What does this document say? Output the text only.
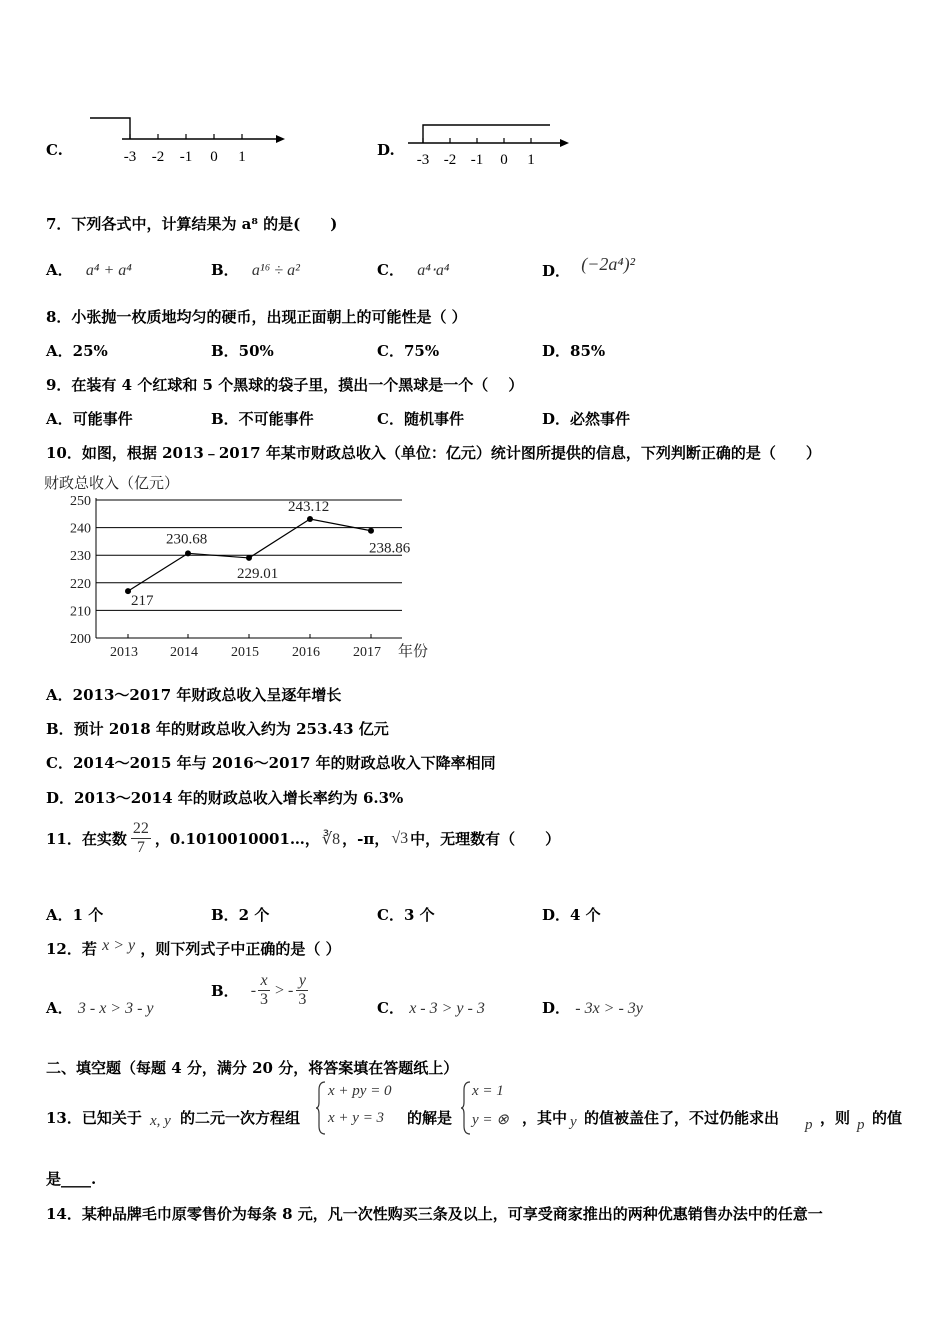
C.	-3 -2 -1 0 1	D.
-3 -2 -1 0 1
7．下列各式中，计算结果为 a⁸ 的是(　　)
A． a⁴ + a⁴	B． a¹⁶ ÷ a²	C． a⁴⋅a⁴	D． (−2a⁴)²
8．小张抛一枚质地均匀的硬币，出现正面朝上的可能性是（ ）
A．25%	B．50%	C．75%	D．85%
9．在装有 4 个红球和 5 个黑球的袋子里，摸出一个黑球是一个（　 ）
A．可能事件	B．不可能事件	C．随机事件	D．必然事件
10．如图，根据 2013﹣2017 年某市财政总收入（单位：亿元）统计图所提供的信息，下列判断正确的是（　　）
财政总收入（亿元）
年份
200
210
220
230
240
250
2013 2014 2015 2016 2017
217
230.68
229.01
243.12
238.86
A．2013～2017 年财政总收入呈逐年增长
B．预计 2018 年的财政总收入约为 253.43 亿元
C．2014～2015 年与 2016～2017 年的财政总收入下降率相同
D．2013～2014 年的财政总收入增长率约为 6.3%
11．在实数 $\frac{22}{7}$ ，0.1010010001…， ∛8 ，-π， √3 中，无理数有（　　）
A．1 个	B．2 个	C．3 个	D．4 个
12．若 x > y ，则下列式子中正确的是（ ）
A． 3 - x > 3 - y
B． - $\frac{x}{3}$ > - $\frac{y}{3}$	C． x - 3 > y - 3	D． - 3x > - 3y
二、填空题（每题 4 分，满分 20 分，将答案填在答题纸上）
13．已知关于 x, y 的二元一次方程组
x + py = 0
x + y = 3 的解是
x = 1
y = ⊗ ，其中 y 的值被盖住了，不过仍能求出 p ，则 p 的值
是____.
14．某种品牌毛巾原零售价为每条 8 元，凡一次性购买三条及以上，可享受商家推出的两种优惠销售办法中的任意一
